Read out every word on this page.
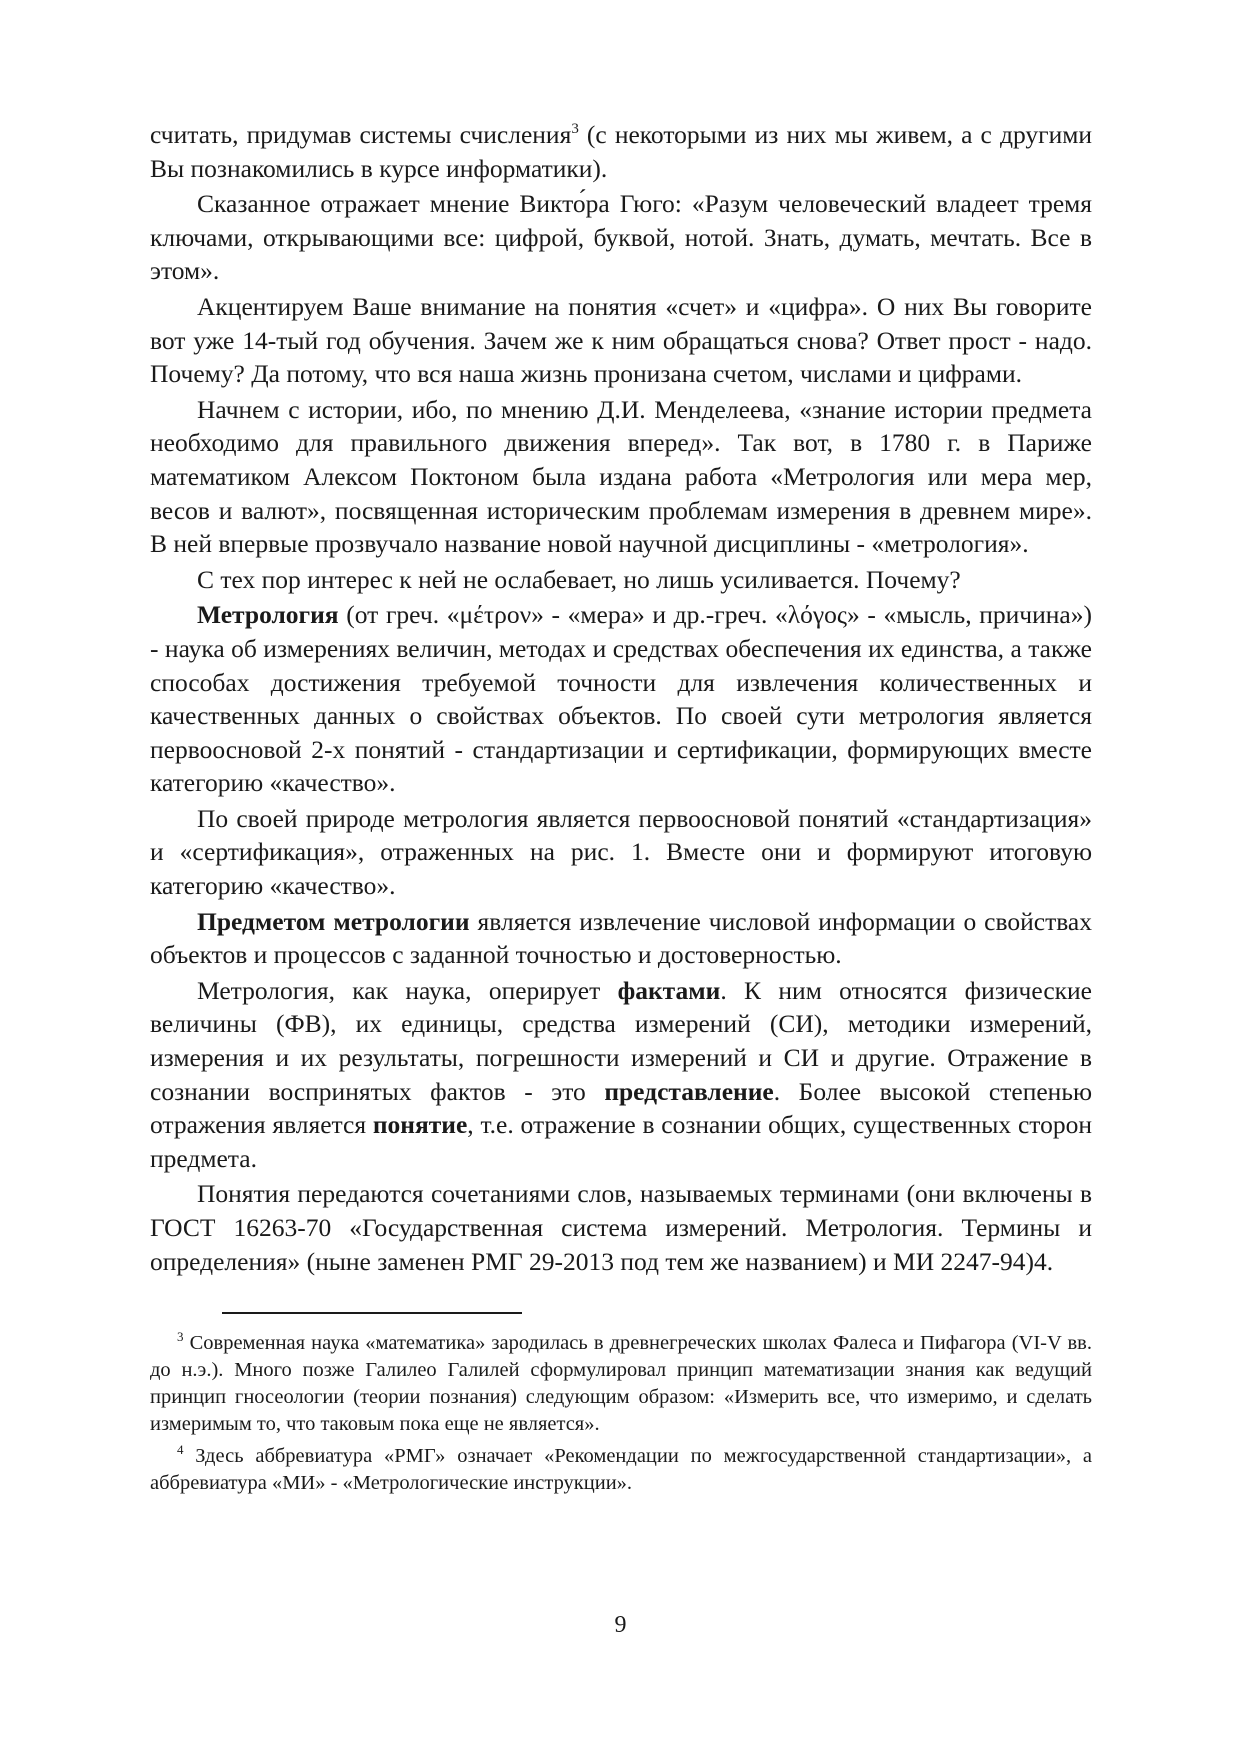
считать, придумав системы счисления$^3$ (с некоторыми из них мы живем, а с другими Вы познакомились в курсе информатики).

Сказанное отражает мнение Викто́ра Гюго: «Разум человеческий владеет тремя ключами, открывающими все: цифрой, буквой, нотой. Знать, думать, мечтать. Все в этом».

Акцентируем Ваше внимание на понятия «счет» и «цифра». О них Вы говорите вот уже 14-тый год обучения. Зачем же к ним обращаться снова? Ответ прост - надо. Почему? Да потому, что вся наша жизнь пронизана счетом, числами и цифрами.

Начнем с истории, ибо, по мнению Д.И. Менделеева, «знание истории предмета необходимо для правильного движения вперед». Так вот, в 1780 г. в Париже математиком Алексом Поктоном была издана работа «Метрология или мера мер, весов и валют», посвященная историческим проблемам измерения в древнем мире». В ней впервые прозвучало название новой научной дисциплины - «метрология».

С тех пор интерес к ней не ослабевает, но лишь усиливается. Почему?

Метрология (от греч. «μέτρον» - «мера» и др.-греч. «λόγος» - «мысль, причина») - наука об измерениях величин, методах и средствах обеспечения их единства, а также способах достижения требуемой точности для извлечения количественных и качественных данных о свойствах объектов. По своей сути метрология является первоосновой 2-х понятий - стандартизации и сертификации, формирующих вместе категорию «качество».

По своей природе метрология является первоосновой понятий «стандартизация» и «сертификация», отраженных на рис. 1. Вместе они и формируют итоговую категорию «качество».

Предметом метрологии является извлечение числовой информации о свойствах объектов и процессов с заданной точностью и достоверностью.

Метрология, как наука, оперирует фактами. К ним относятся физические величины (ФВ), их единицы, средства измерений (СИ), методики измерений, измерения и их результаты, погрешности измерений и СИ и другие. Отражение в сознании воспринятых фактов - это представление. Более высокой степенью отражения является понятие, т.е. отражение в сознании общих, существенных сторон предмета.

Понятия передаются сочетаниями слов, называемых терминами (они включены в ГОСТ 16263-70 «Государственная система измерений. Метрология. Термины и определения» (ныне заменен РМГ 29-2013 под тем же названием) и МИ 2247-94)4.

$^3$ Современная наука «математика» зародилась в древнегреческих школах Фалеса и Пифагора (VI-V вв. до н.э.). Много позже Галилео Галилей сформулировал принцип математизации знания как ведущий принцип гносеологии (теории познания) следующим образом: «Измерить все, что измеримо, и сделать измеримым то, что таковым пока еще не является».

$^4$ Здесь аббревиатура «РМГ» означает «Рекомендации по межгосударственной стандартизации», а аббревиатура «МИ» - «Метрологические инструкции».

9
